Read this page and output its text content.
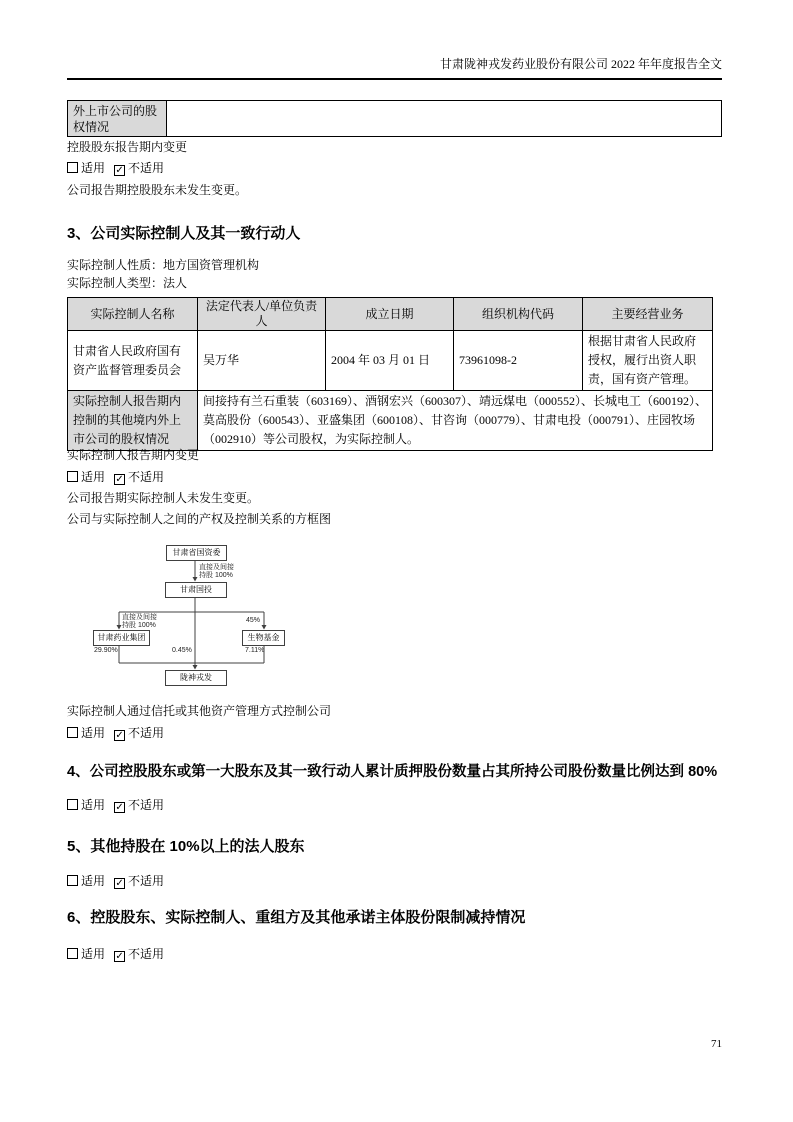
甘肃陇神戎发药业股份有限公司 2022 年年度报告全文
外上市公司的股权情况	
控股股东报告期内变更
适用 ✓ 不适用
公司报告期控股股东未发生变更。
3、公司实际控制人及其一致行动人
实际控制人性质：地方国资管理机构
实际控制人类型：法人
实际控制人名称	法定代表人/单位负责人	成立日期	组织机构代码	主要经营业务
甘肃省人民政府国有资产监督管理委员会	吴万华	2004 年 03 月 01 日	73961098-2	根据甘肃省人民政府授权，履行出资人职责，国有资产管理。
实际控制人报告期内控制的其他境内外上市公司的股权情况	间接持有兰石重装（603169）、酒钢宏兴（600307）、靖远煤电（000552）、长城电工（600192）、莫高股份（600543）、亚盛集团（600108）、甘咨询（000779）、甘肃电投（000791）、庄园牧场（002910）等公司股权，为实际控制人。			
实际控制人报告期内变更
适用 ✓ 不适用
公司报告期实际控制人未发生变更。
公司与实际控制人之间的产权及控制关系的方框图
甘肃省国资委
甘肃国投
甘肃药业集团	生物基金
陇神戎发
直接及间接
持股 100%
直接及间接
持股 100%
45%
29.90%	0.45%	7.11%
实际控制人通过信托或其他资产管理方式控制公司
适用 ✓ 不适用
4、公司控股股东或第一大股东及其一致行动人累计质押股份数量占其所持公司股份数量比例达到 80%
适用 ✓ 不适用
5、其他持股在 10%以上的法人股东
适用 ✓ 不适用
6、控股股东、实际控制人、重组方及其他承诺主体股份限制减持情况
适用 ✓ 不适用
71
